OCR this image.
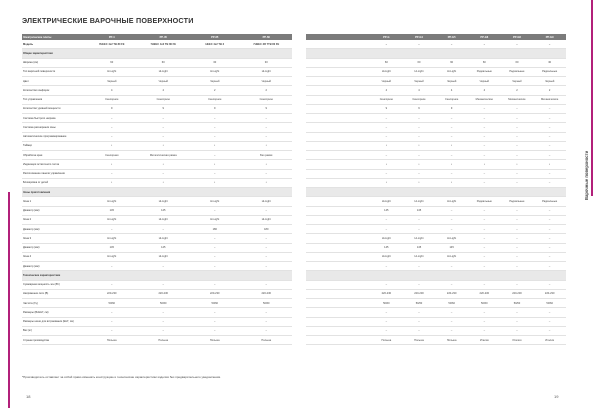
ЭЛЕКТРИЧЕСКИЕ ВАРОЧНЫЕ ПОВЕРХНОСТИ
Электрические плиты	PP-4	PP-45	PP-65	PP-66
Модель	7HEEC 4x2 TB 80 FE	7HEEC 4x2 TB 80 FE	HEEC 4x2 TB 3	7HEEC 3R 7TB 80 FE
Общие характеристики				
Ширина (см)	60	60	30	30
Тип варочной поверхности	Hi-Light	Hi-Light	Hi-Light	Hi-Light
Цвет	Черный	Черный	Черный	Черный
Количество конфорок	4	4	2	2
Тип управления	Сенсорное	Сенсорное	Сенсорное	Сенсорное
Количество уровней мощности	9	9	9	9
Система быстрого нагрева	–	–	–	–
Система расширения зоны	–	–	–	–
Автоматическое программирование	–	–	–	–
Таймер	•	•	•	•
Обработка края	Сенсорная	Металлическая рамка	–	Без рамки
Индикация остаточного тепла	•	•	•	•
Расположение панели управления	–	–	–	–
Блокировка от детей	•	•	•	•
Зоны приготовления				
Зона 1	Hi-Light	Hi-Light	Hi-Light	Hi-Light
Диаметр (мм)	145	145	–	–
Зона 2	Hi-Light	Hi-Light	Hi-Light	Hi-Light
Диаметр (мм)	–	–	180	180
Зона 3	Hi-Light	Hi-Light	–	–
Диаметр (мм)	145	145	–	–
Зона 4	Hi-Light	Hi-Light	–	–
Диаметр (мм)	–	–	–	–
Технические характеристики				
Суммарная мощность зон (Вт)	–	–	–	–
Напряжение сети (В)	220-230	220-230	220-230	220-230
Частота (Гц)	50/60	50/60	50/60	50/60
Размеры (ВxШxГ, см)	–	–	–	–
Размеры ниши для встраивания (ШxГ, см)	–	–	–	–
Вес (кг)	–	–	–	–
Страна производства	Польша	Польша	Польша	Польша
*Производитель оставляет за собой право изменять конструкцию и технические характеристики изделия без предварительного уведомления.
18
	PP-G	PP-G4	PP-G5	PP-G6	PP-G8	PP-G9
	–	–	–	–	–	–

	60	60	60	60	60	30
	Hi-Light	Hi-Light	Hi-Light	Радиальные	Радиальные	Радиальные
	Черный	Черный	Черный	Черный	Черный	Черный
	4	4	4	4	2	2
	Сенсорное	Сенсорное	Сенсорное	Механическое	Механическое	Механическое
	9	9	9	–	–	–
	–	–	–	–	–	–
	–	–	–	–	–	–
	–	–	–	–	–	–
	•	•	•	–	–	–
	–	–	–	–	–	–
	•	•	•	•	•	•
	–	–	–	–	–	–
	•	•	•	–	–	–

	Hi-Light	Hi-Light	Hi-Light	Радиальные	Радиальные	Радиальные
	145	145	–	–	–	–
	–	–	–	–	–	–
	–	–	–	–	–	–
	Hi-Light	Hi-Light	Hi-Light	–	–	–
	145	145	145	–	–	–
	Hi-Light	Hi-Light	Hi-Light	–	–	–
	–	–	–	–	–	–

	–	–	–	–	–	–
	220-230	220-230	220-230	220-230	220-230	220-230
	50/60	50/60	50/60	50/60	50/60	50/60
	–	–	–	–	–	–
	–	–	–	–	–	–
	–	–	–	–	–	–
	Польша	Польша	Польша	Италия	Италия	Италия
19
Варочные поверхности
